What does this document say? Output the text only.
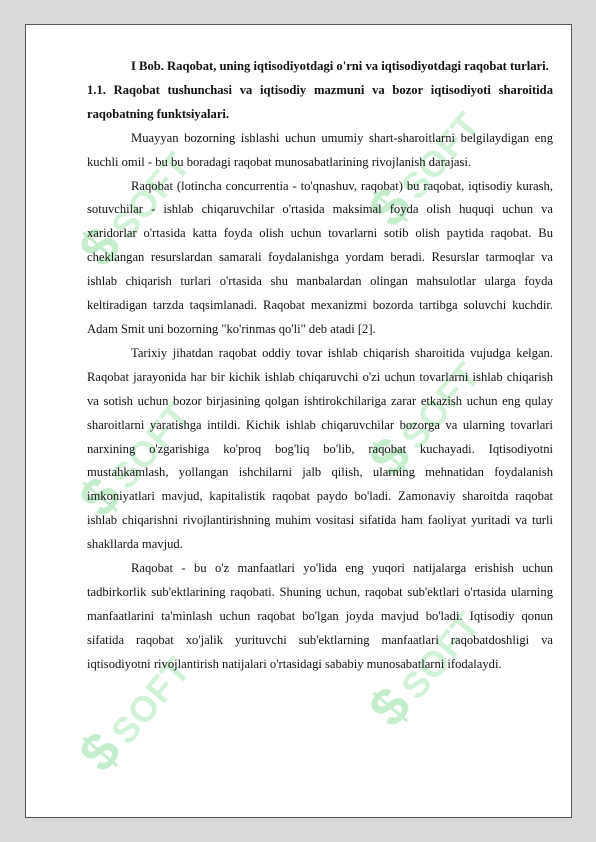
$SOFT	$SOFT
$SOFT	$SOFT
$SOFT	$SOFT

I Bob. Raqobat, uning iqtisodiyotdagi o'rni va iqtisodiyotdagi raqobat turlari.

1.1. Raqobat tushunchasi va iqtisodiy mazmuni va bozor iqtisodiyoti sharoitida raqobatning funktsiyalari.

Muayyan bozorning ishlashi uchun umumiy shart-sharoitlarni belgilaydigan eng kuchli omil - bu bu boradagi raqobat munosabatlarining rivojlanish darajasi.

Raqobat (lotincha concurrentia - to'qnashuv, raqobat) bu raqobat, iqtisodiy kurash, sotuvchilar - ishlab chiqaruvchilar o'rtasida maksimal foyda olish huquqi uchun va xaridorlar o'rtasida katta foyda olish uchun tovarlarni sotib olish paytida raqobat. Bu cheklangan resurslardan samarali foydalanishga yordam beradi. Resurslar tarmoqlar va ishlab chiqarish turlari o'rtasida shu manbalardan olingan mahsulotlar ularga foyda keltiradigan tarzda taqsimlanadi. Raqobat mexanizmi bozorda tartibga soluvchi kuchdir. Adam Smit uni bozorning "ko'rinmas qo'li" deb atadi [2].

Tarixiy jihatdan raqobat oddiy tovar ishlab chiqarish sharoitida vujudga kelgan. Raqobat jarayonida har bir kichik ishlab chiqaruvchi o'zi uchun tovarlarni ishlab chiqarish va sotish uchun bozor birjasining qolgan ishtirokchilariga zarar etkazish uchun eng qulay sharoitlarni yaratishga intildi. Kichik ishlab chiqaruvchilar bozorga va ularning tovarlari narxining o'zgarishiga ko'proq bog'liq bo'lib, raqobat kuchayadi. Iqtisodiyotni mustahkamlash, yollangan ishchilarni jalb qilish, ularning mehnatidan foydalanish imkoniyatlari mavjud, kapitalistik raqobat paydo bo'ladi. Zamonaviy sharoitda raqobat ishlab chiqarishni rivojlantirishning muhim vositasi sifatida ham faoliyat yuritadi va turli shakllarda mavjud.

Raqobat - bu o'z manfaatlari yo'lida eng yuqori natijalarga erishish uchun tadbirkorlik sub'ektlarining raqobati. Shuning uchun, raqobat sub'ektlari o'rtasida ularning manfaatlarini ta'minlash uchun raqobat bo'lgan joyda mavjud bo'ladi. Iqtisodiy qonun sifatida raqobat xo'jalik yurituvchi sub'ektlarning manfaatlari raqobatdoshligi va iqtisodiyotni rivojlantirish natijalari o'rtasidagi sababiy munosabatlarni ifodalaydi.
